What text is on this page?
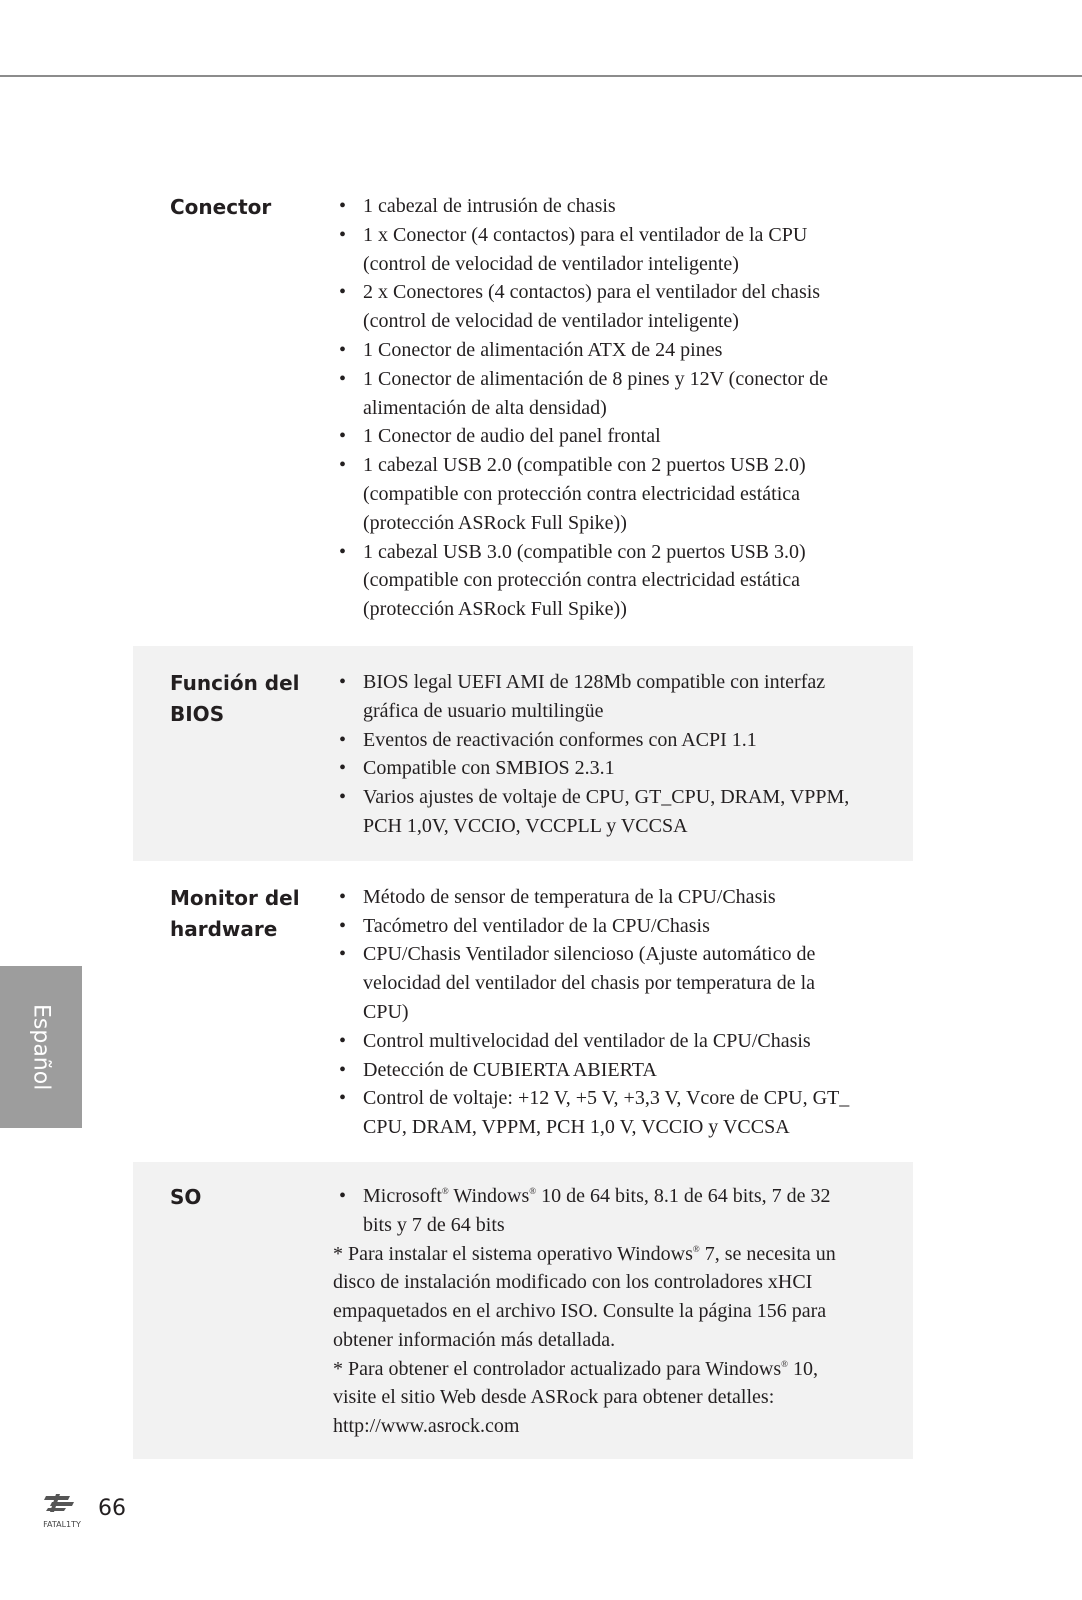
Conector	• 1 cabezal de intrusión de chasis
• 1 x Conector (4 contactos) para el ventilador de la CPU
(control de velocidad de ventilador inteligente)
• 2 x Conectores (4 contactos) para el ventilador del chasis
(control de velocidad de ventilador inteligente)
• 1 Conector de alimentación ATX de 24 pines
• 1 Conector de alimentación de 8 pines y 12V (conector de
alimentación de alta densidad)
• 1 Conector de audio del panel frontal
• 1 cabezal USB 2.0 (compatible con 2 puertos USB 2.0)
(compatible con protección contra electricidad estática
(protección ASRock Full Spike))
• 1 cabezal USB 3.0 (compatible con 2 puertos USB 3.0)
(compatible con protección contra electricidad estática
(protección ASRock Full Spike))
Función del
BIOS
• BIOS legal UEFI AMI de 128Mb compatible con interfaz
gráfica de usuario multilingüe
• Eventos de reactivación conformes con ACPI 1.1
• Compatible con SMBIOS 2.3.1
• Varios ajustes de voltaje de CPU, GT_CPU, DRAM, VPPM,
PCH 1,0V, VCCIO, VCCPLL y VCCSA
Monitor del
hardware
• Método de sensor de temperatura de la CPU/Chasis
• Tacómetro del ventilador de la CPU/Chasis
• CPU/Chasis Ventilador silencioso (Ajuste automático de
velocidad del ventilador del chasis por temperatura de la
CPU)
• Control multivelocidad del ventilador de la CPU/Chasis
• Detección de CUBIERTA ABIERTA
• Control de voltaje: +12 V, +5 V, +3,3 V, Vcore de CPU, GT_
CPU, DRAM, VPPM, PCH 1,0 V, VCCIO y VCCSA
SO	• Microsoft® Windows® 10 de 64 bits, 8.1 de 64 bits, 7 de 32
bits y 7 de 64 bits

* Para instalar el sistema operativo Windows® 7, se necesita un
disco de instalación modificado con los controladores xHCI
empaquetados en el archivo ISO. Consulte la página 156 para
obtener información más detallada.

* Para obtener el controlador actualizado para Windows® 10,
visite el sitio Web desde ASRock para obtener detalles:
http://www.asrock.com

Español
FATAL1TY
66
